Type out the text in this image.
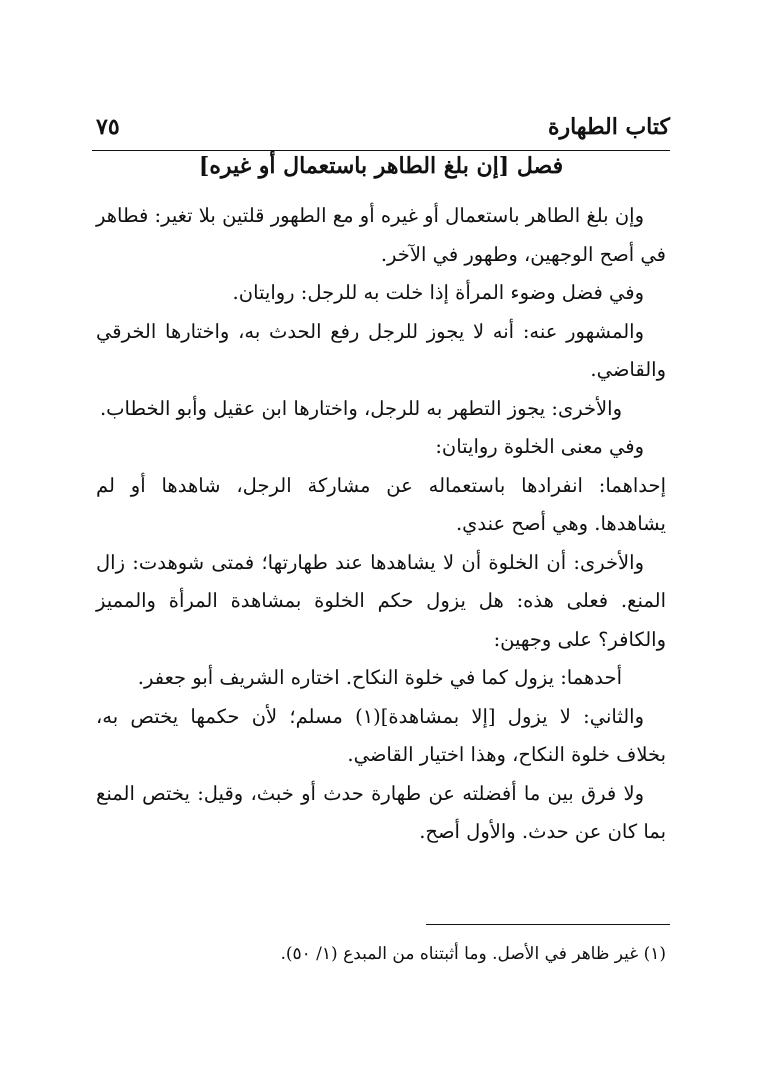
كتاب الطهارة
٧٥
فصل [إن بلغ الطاهر باستعمال أو غيره]

وإن بلغ الطاهر باستعمال أو غيره أو مع الطهور قلتين بلا تغير: فطاهر في أصح الوجهين، وطهور في الآخر.

وفي فضل وضوء المرأة إذا خلت به للرجل: روايتان.

والمشهور عنه: أنه لا يجوز للرجل رفع الحدث به، واختارها الخرقي والقاضي.

والأخرى: يجوز التطهر به للرجل، واختارها ابن عقيل وأبو الخطاب.

وفي معنى الخلوة روايتان:

إحداهما: انفرادها باستعماله عن مشاركة الرجل، شاهدها أو لم يشاهدها. وهي أصح عندي.

والأخرى: أن الخلوة أن لا يشاهدها عند طهارتها؛ فمتى شوهدت: زال المنع. فعلى هذه: هل يزول حكم الخلوة بمشاهدة المرأة والمميز والكافر؟ على وجهين:

أحدهما: يزول كما في خلوة النكاح. اختاره الشريف أبو جعفر.

والثاني: لا يزول [إلا بمشاهدة](١) مسلم؛ لأن حكمها يختص به، بخلاف خلوة النكاح، وهذا اختيار القاضي.

ولا فرق بين ما أفضلته عن طهارة حدث أو خبث، وقيل: يختص المنع بما كان عن حدث. والأول أصح.

(١) غير ظاهر في الأصل. وما أثبتناه من المبدع (١/ ٥٠).
